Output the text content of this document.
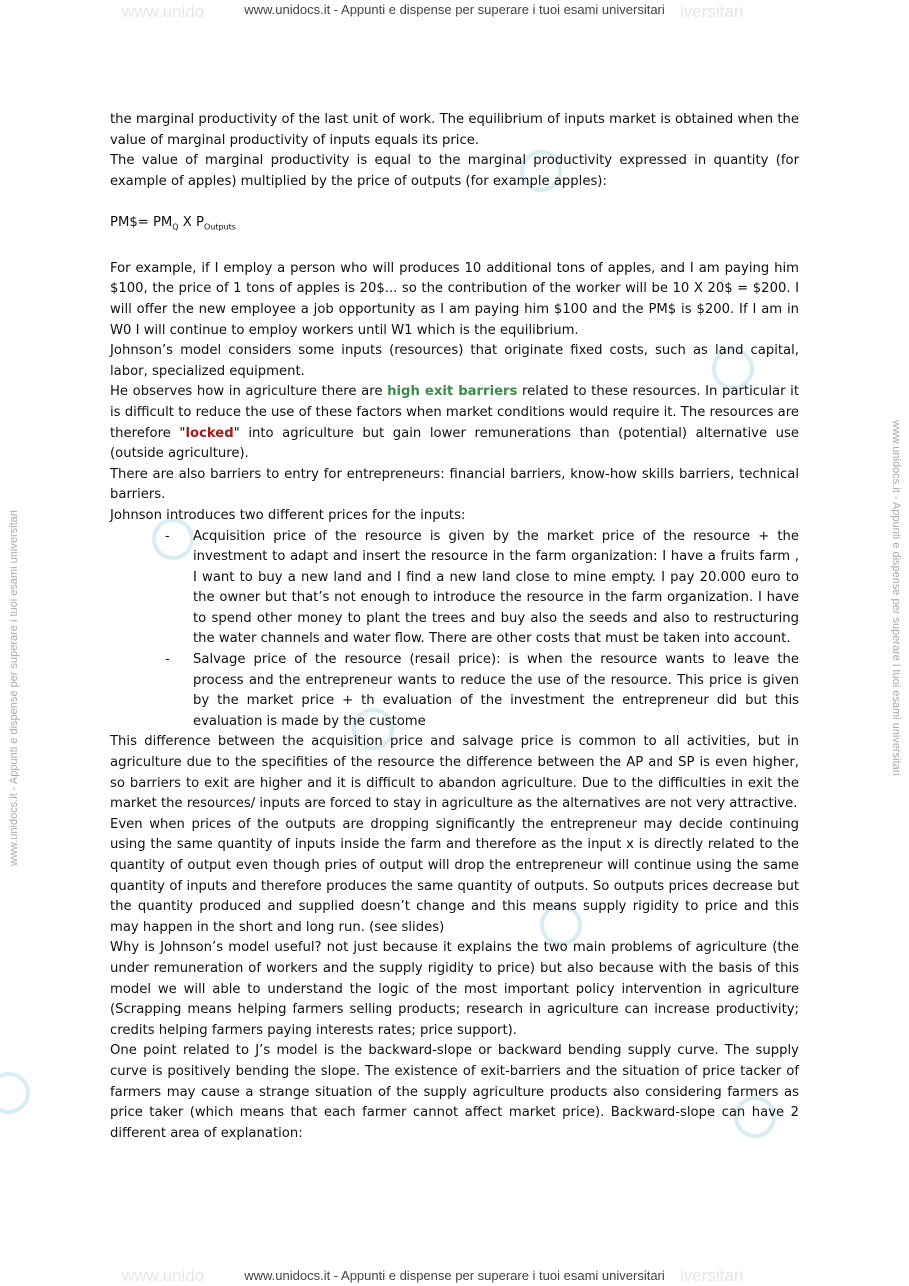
www.unido	iversitari
www.unido	iversitari
www.unidocs.it - Appunti e dispense per superare i tuoi esami universitari	www.unidocs.it - Appunti e dispense per superare i tuoi esami universitari
www.unidocs.it - Appunti e dispense per superare i tuoi esami universitari
www.unidocs.it - Appunti e dispense per superare i tuoi esami universitari

the marginal productivity of the last unit of work. The equilibrium of inputs market is obtained when the value of marginal productivity of inputs equals its price.

The value of marginal productivity is equal to the marginal productivity expressed in quantity (for example of apples) multiplied by the price of outputs (for example apples):

PM$= $PM_Q$ X $P_{Outputs}$

For example, if I employ a person who will produces 10 additional tons of apples, and I am paying him $100, the price of 1 tons of apples is 20$... so the contribution of the worker will be 10 X 20$ = $200. I will offer the new employee a job opportunity as I am paying him $100 and the PM$ is $200. If I am in W0 I will continue to employ workers until W1 which is the equilibrium.

Johnson’s model considers some inputs (resources) that originate fixed costs, such as land capital, labor, specialized equipment.

He observes how in agriculture there are high exit barriers related to these resources. In particular it is difficult to reduce the use of these factors when market conditions would require it. The resources are therefore "locked" into agriculture but gain lower remunerations than (potential) alternative use (outside agriculture).

There are also barriers to entry for entrepreneurs: financial barriers, know-how skills barriers, technical barriers.

Johnson introduces two different prices for the inputs:

- Acquisition price of the resource is given by the market price of the resource + the investment to adapt and insert the resource in the farm organization: I have a fruits farm , I want to buy a new land and I find a new land close to mine empty. I pay 20.000 euro to the owner but that’s not enough to introduce the resource in the farm organization. I have to spend other money to plant the trees and buy also the seeds and also to restructuring the water channels and water flow. There are other costs that must be taken into account.
- Salvage price of the resource (resail price): is when the resource wants to leave the process and the entrepreneur wants to reduce the use of the resource. This price is given by the market price + th evaluation of the investment the entrepreneur did but this evaluation is made by the custome

This difference between the acquisition price and salvage price is common to all activities, but in agriculture due to the specifities of the resource the difference between the AP and SP is even higher, so barriers to exit are higher and it is difficult to abandon agriculture. Due to the difficulties in exit the market the resources/ inputs are forced to stay in agriculture as the alternatives are not very attractive.

Even when prices of the outputs are dropping significantly the entrepreneur may decide continuing using the same quantity of inputs inside the farm and therefore as the input x is directly related to the quantity of output even though pries of output will drop the entrepreneur will continue using the same quantity of inputs and therefore produces the same quantity of outputs. So outputs prices decrease but the quantity produced and supplied doesn’t change and this means supply rigidity to price and this may happen in the short and long run. (see slides)

Why is Johnson’s model useful? not just because it explains the two main problems of agriculture (the under remuneration of workers and the supply rigidity to price) but also because with the basis of this model we will able to understand the logic of the most important policy intervention in agriculture (Scrapping means helping farmers selling products; research in agriculture can increase productivity; credits helping farmers paying interests rates; price support).

One point related to J’s model is the backward-slope or backward bending supply curve. The supply curve is positively bending the slope. The existence of exit-barriers and the situation of price tacker of farmers may cause a strange situation of the supply agriculture products also considering farmers as price taker (which means that each farmer cannot affect market price). Backward-slope can have 2 different area of explanation:
